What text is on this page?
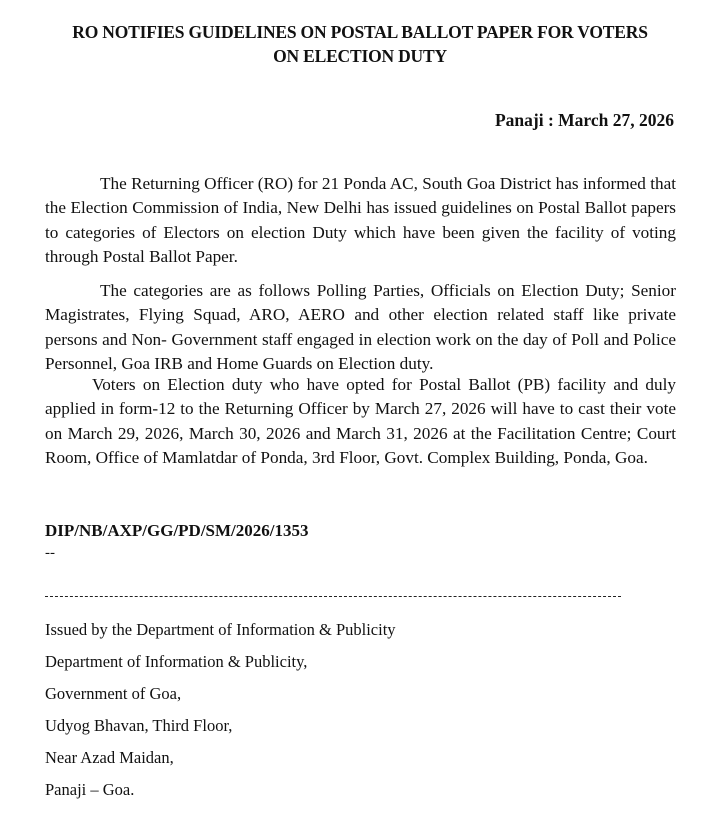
RO NOTIFIES GUIDELINES ON POSTAL BALLOT PAPER FOR VOTERS
ON ELECTION DUTY
Panaji : March 27, 2026

The Returning Officer (RO) for 21 Ponda AC, South Goa District has informed that the Election Commission of India, New Delhi has issued guidelines on Postal Ballot papers to categories of Electors on election Duty which have been given the facility of voting through Postal Ballot Paper.

The categories are as follows Polling Parties, Officials on Election Duty; Senior Magistrates, Flying Squad, ARO, AERO and other election related staff like private persons and Non- Government staff engaged in election work on the day of Poll and Police Personnel, Goa IRB and Home Guards on Election duty.

Voters on Election duty who have opted for Postal Ballot (PB) facility and duly applied in form-12 to the Returning Officer by March 27, 2026 will have to cast their vote on March 29, 2026, March 30, 2026 and March 31, 2026 at the Facilitation Centre; Court Room, Office of Mamlatdar of Ponda, 3rd Floor, Govt. Complex Building, Ponda, Goa.

DIP/NB/AXP/GG/PD/SM/2026/1353
--
Issued by the Department of Information & Publicity
Department of Information & Publicity,
Government of Goa,
Udyog Bhavan, Third Floor,
Near Azad Maidan,
Panaji – Goa.
